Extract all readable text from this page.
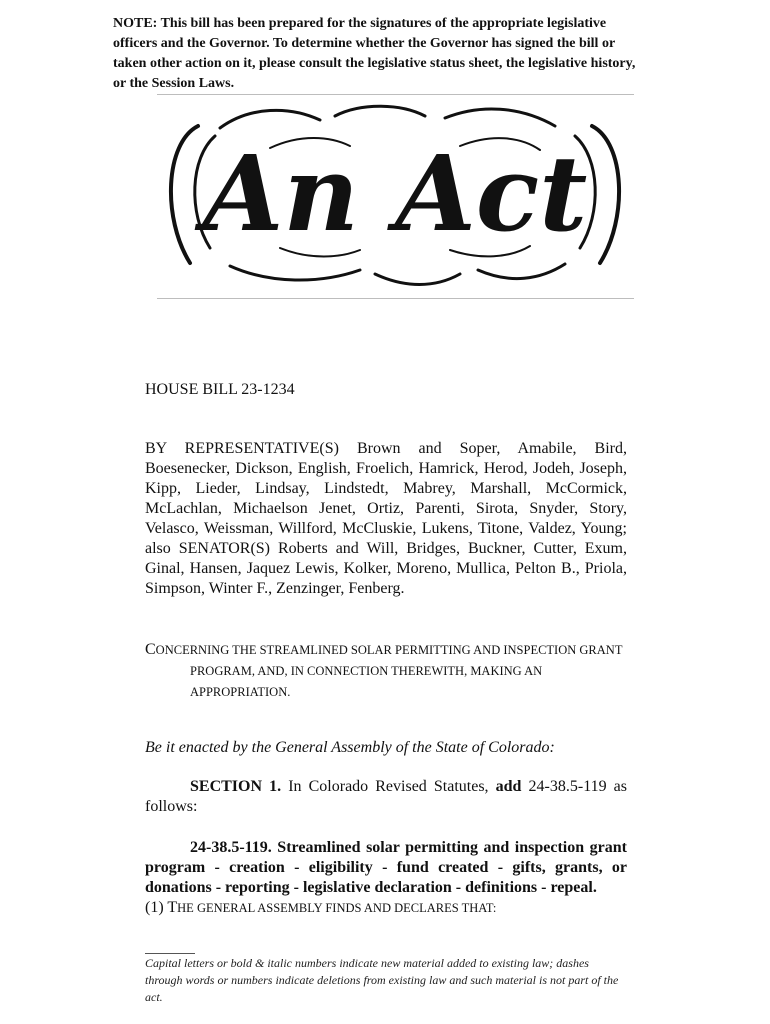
NOTE: This bill has been prepared for the signatures of the appropriate legislative officers and the Governor. To determine whether the Governor has signed the bill or taken other action on it, please consult the legislative status sheet, the legislative history, or the Session Laws.
An Act
HOUSE BILL 23-1234
BY REPRESENTATIVE(S) Brown and Soper, Amabile, Bird, Boesenecker, Dickson, English, Froelich, Hamrick, Herod, Jodeh, Joseph, Kipp, Lieder, Lindsay, Lindstedt, Mabrey, Marshall, McCormick, McLachlan, Michaelson Jenet, Ortiz, Parenti, Sirota, Snyder, Story, Velasco, Weissman, Willford, McCluskie, Lukens, Titone, Valdez, Young; also SENATOR(S) Roberts and Will, Bridges, Buckner, Cutter, Exum, Ginal, Hansen, Jaquez Lewis, Kolker, Moreno, Mullica, Pelton B., Priola, Simpson, Winter F., Zenzinger, Fenberg.
CONCERNING THE STREAMLINED SOLAR PERMITTING AND INSPECTION GRANT
PROGRAM, AND, IN CONNECTION THEREWITH, MAKING AN
APPROPRIATION.
Be it enacted by the General Assembly of the State of Colorado:
SECTION 1. In Colorado Revised Statutes, add 24-38.5-119 as follows:
24-38.5-119. Streamlined solar permitting and inspection grant program - creation - eligibility - fund created - gifts, grants, or donations - reporting - legislative declaration - definitions - repeal.
(1) THE GENERAL ASSEMBLY FINDS AND DECLARES THAT:
Capital letters or bold & italic numbers indicate new material added to existing law; dashes through words or numbers indicate deletions from existing law and such material is not part of the act.
